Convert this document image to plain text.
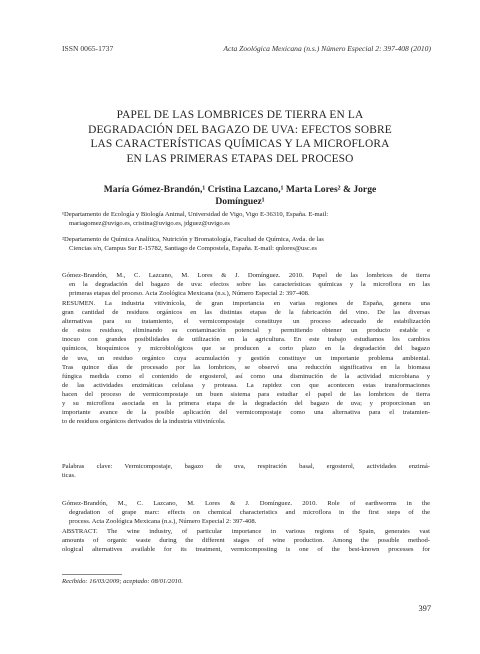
ISSN 0065-1737	Acta Zoológica Mexicana (n.s.) Número Especial 2: 397-408 (2010)
PAPEL DE LAS LOMBRICES DE TIERRA EN LA
DEGRADACIÓN DEL BAGAZO DE UVA: EFECTOS SOBRE
LAS CARACTERÍSTICAS QUÍMICAS Y LA MICROFLORA
EN LAS PRIMERAS ETAPAS DEL PROCESO
María Gómez-Brandón,¹ Cristina Lazcano,¹ Marta Lores² & Jorge
Domínguez¹
¹Departamento de Ecología y Biología Animal, Universidad de Vigo, Vigo E-36310, España. E-mail:
mariagomez@uvigo.es, cristina@uvigo.es, jdguez@uvigo.es
²Departamento de Química Analítica, Nutrición y Bromatología, Facultad de Química, Avda. de las
Ciencias s/n, Campus Sur E-15782, Santiago de Compostela, España. E-mail: qnlores@usc.es
Gómez-Brandón, M., C. Lazcano, M. Lores & J. Domínguez. 2010. Papel de las lombrices de tierra
en la degradación del bagazo de uva: efectos sobre las características químicas y la microflora en las
primeras etapas del proceso. Acta Zoológica Mexicana (n.s.), Número Especial 2: 397-408.
RESUMEN. La industria vitivinícola, de gran importancia en varias regiones de España, genera una
gran cantidad de residuos orgánicos en las distintas etapas de la fabricación del vino. De las diversas
alternativas para su tratamiento, el vermicompostaje constituye un proceso adecuado de estabilización
de estos residuos, eliminando su contaminación potencial y permitiendo obtener un producto estable e
inocuo con grandes posibilidades de utilización en la agricultura. En este trabajo estudiamos los cambios
químicos, bioquímicos y microbiológicos que se producen a corto plazo en la degradación del bagazo
de uva, un residuo orgánico cuya acumulación y gestión constituye un importante problema ambiental.
Tras quince días de procesado por las lombrices, se observó una reducción significativa en la biomasa
fúngica medida como el contenido de ergosterol, así como una disminución de la actividad microbiana y
de las actividades enzimáticas celulasa y proteasa. La rapidez con que acontecen estas transformaciones
hacen del proceso de vermicompostaje un buen sistema para estudiar el papel de las lombrices de tierra
y su microflora asociada en la primera etapa de la degradación del bagazo de uva; y proporcionan un
importante avance de la posible aplicación del vermicompostaje como una alternativa para el tratamien-
to de residuos orgánicos derivados de la industria vitivinícola.
Palabras clave: Vermicompostaje, bagazo de uva, respiración basal, ergosterol, actividades enzimá-
ticas.
Gómez-Brandón, M., C. Lazcano, M. Lores & J. Domínguez. 2010. Role of earthworms in the
degradation of grape marc: effects on chemical characteristics and microflora in the first steps of the
process. Acta Zoológica Mexicana (n.s.), Número Especial 2: 397-408.
ABSTRACT. The wine industry, of particular importance in various regions of Spain, generates vast
amounts of organic waste during the different stages of wine production. Among the possible method-
ological alternatives available for its treatment, vermicomposting is one of the best-known processes for
Recibido: 16/03/2009; aceptado: 08/01/2010.
397
